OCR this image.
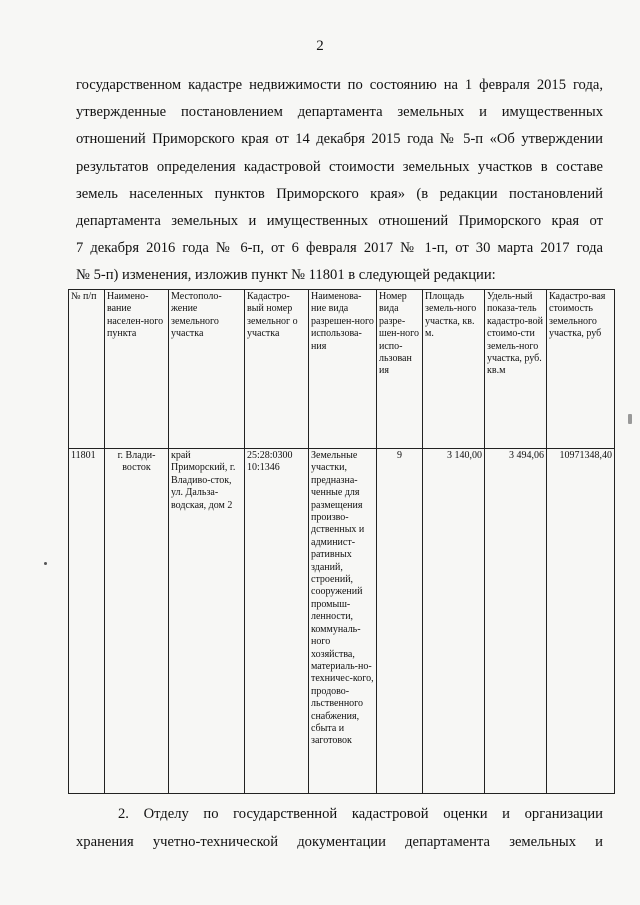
2
государственном кадастре недвижимости по состоянию на 1 февраля 2015 года,
утвержденные постановлением департамента земельных и имущественных
отношений Приморского края от 14 декабря 2015 года № 5-п «Об утверждении
результатов определения кадастровой стоимости земельных участков в составе
земель населенных пунктов Приморского края» (в редакции постановлений
департамента земельных и имущественных отношений Приморского края от
7 декабря 2016 года № 6-п, от 6 февраля 2017 № 1-п, от 30 марта 2017 года
№ 5-п) изменения, изложив пункт № 11801 в следующей редакции:
№ п/п	Наимено-вание населен-ного пункта	Местополо-жение земельного участка	Кадастро-вый номер земельног о участка	Наименова-ние вида разрешен-ного использова-ния	Номер вида разре-шен-ного испо-льзован ия	Площадь земель-ного участка, кв. м.	Удель-ный показа-тель кадастро-вой стоимо-сти земель-ного участка, руб. кв.м	Кадастро-вая стоимость земельного участка, руб
11801	г. Влади-восток	край Приморский, г. Владиво-сток, ул. Дальза-водская, дом 2	25:28:0300 10:1346	Земельные участки, предназна-ченные для размещения произво-дственных и админист-ративных зданий, строений, сооружений промыш-ленности, коммуналь-ного хозяйства, материаль-но-техничес-кого, продово-льственного снабжения, сбыта и заготовок	9	3 140,00	3 494,06	10971348,40
2. Отделу по государственной кадастровой оценки и организации
хранения учетно-технической документации департамента земельных и
